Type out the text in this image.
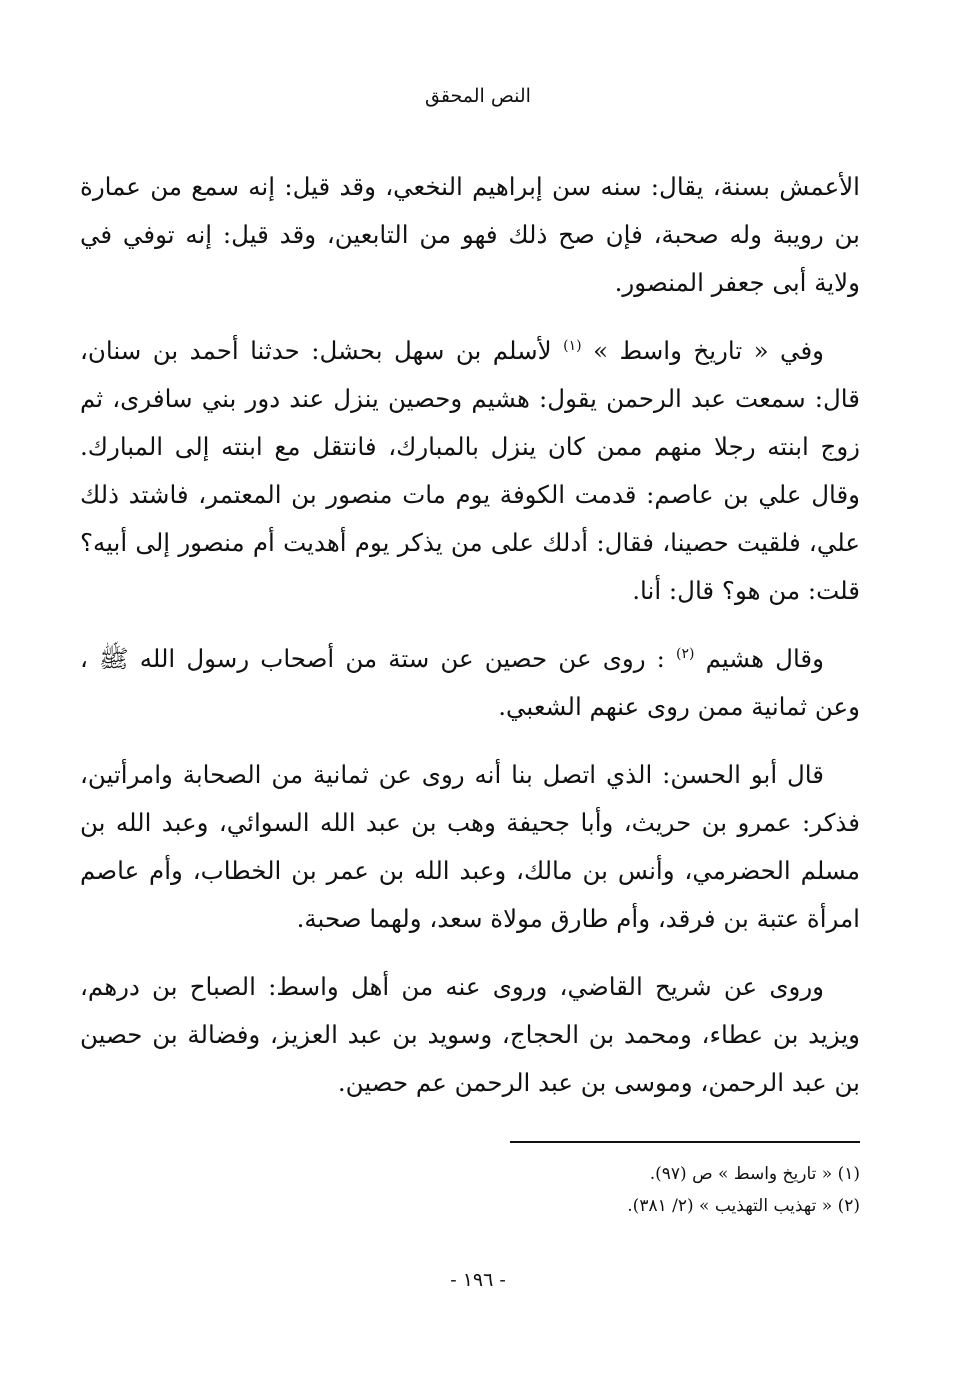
النص المحقق

الأعمش بسنة، يقال: سنه سن إبراهيم النخعي، وقد قيل: إنه سمع من عمارة بن رويبة وله صحبة، فإن صح ذلك فهو من التابعين، وقد قيل: إنه توفي في ولاية أبى جعفر المنصور.

وفي « تاريخ واسط » $^{(١)}$ لأسلم بن سهل بحشل: حدثنا أحمد بن سنان، قال: سمعت عبد الرحمن يقول: هشيم وحصين ينزل عند دور بني سافرى، ثم زوج ابنته رجلا منهم ممن كان ينزل بالمبارك، فانتقل مع ابنته إلى المبارك. وقال علي بن عاصم: قدمت الكوفة يوم مات منصور بن المعتمر، فاشتد ذلك علي، فلقيت حصينا، فقال: أدلك على من يذكر يوم أهديت أم منصور إلى أبيه؟ قلت: من هو؟ قال: أنا.

وقال هشيم $^{(٢)}$ : روى عن حصين عن ستة من أصحاب رسول الله ﷺ ، وعن ثمانية ممن روى عنهم الشعبي.

قال أبو الحسن: الذي اتصل بنا أنه روى عن ثمانية من الصحابة وامرأتين، فذكر: عمرو بن حريث، وأبا جحيفة وهب بن عبد الله السوائي، وعبد الله بن مسلم الحضرمي، وأنس بن مالك، وعبد الله بن عمر بن الخطاب، وأم عاصم امرأة عتبة بن فرقد، وأم طارق مولاة سعد، ولهما صحبة.

وروى عن شريح القاضي، وروى عنه من أهل واسط: الصباح بن درهم، ويزيد بن عطاء، ومحمد بن الحجاج، وسويد بن عبد العزيز، وفضالة بن حصين بن عبد الرحمن، وموسى بن عبد الرحمن عم حصين.

(١) « تاريخ واسط » ص (٩٧).

(٢) « تهذيب التهذيب » (٢/ ٣٨١).

- ١٩٦ -
